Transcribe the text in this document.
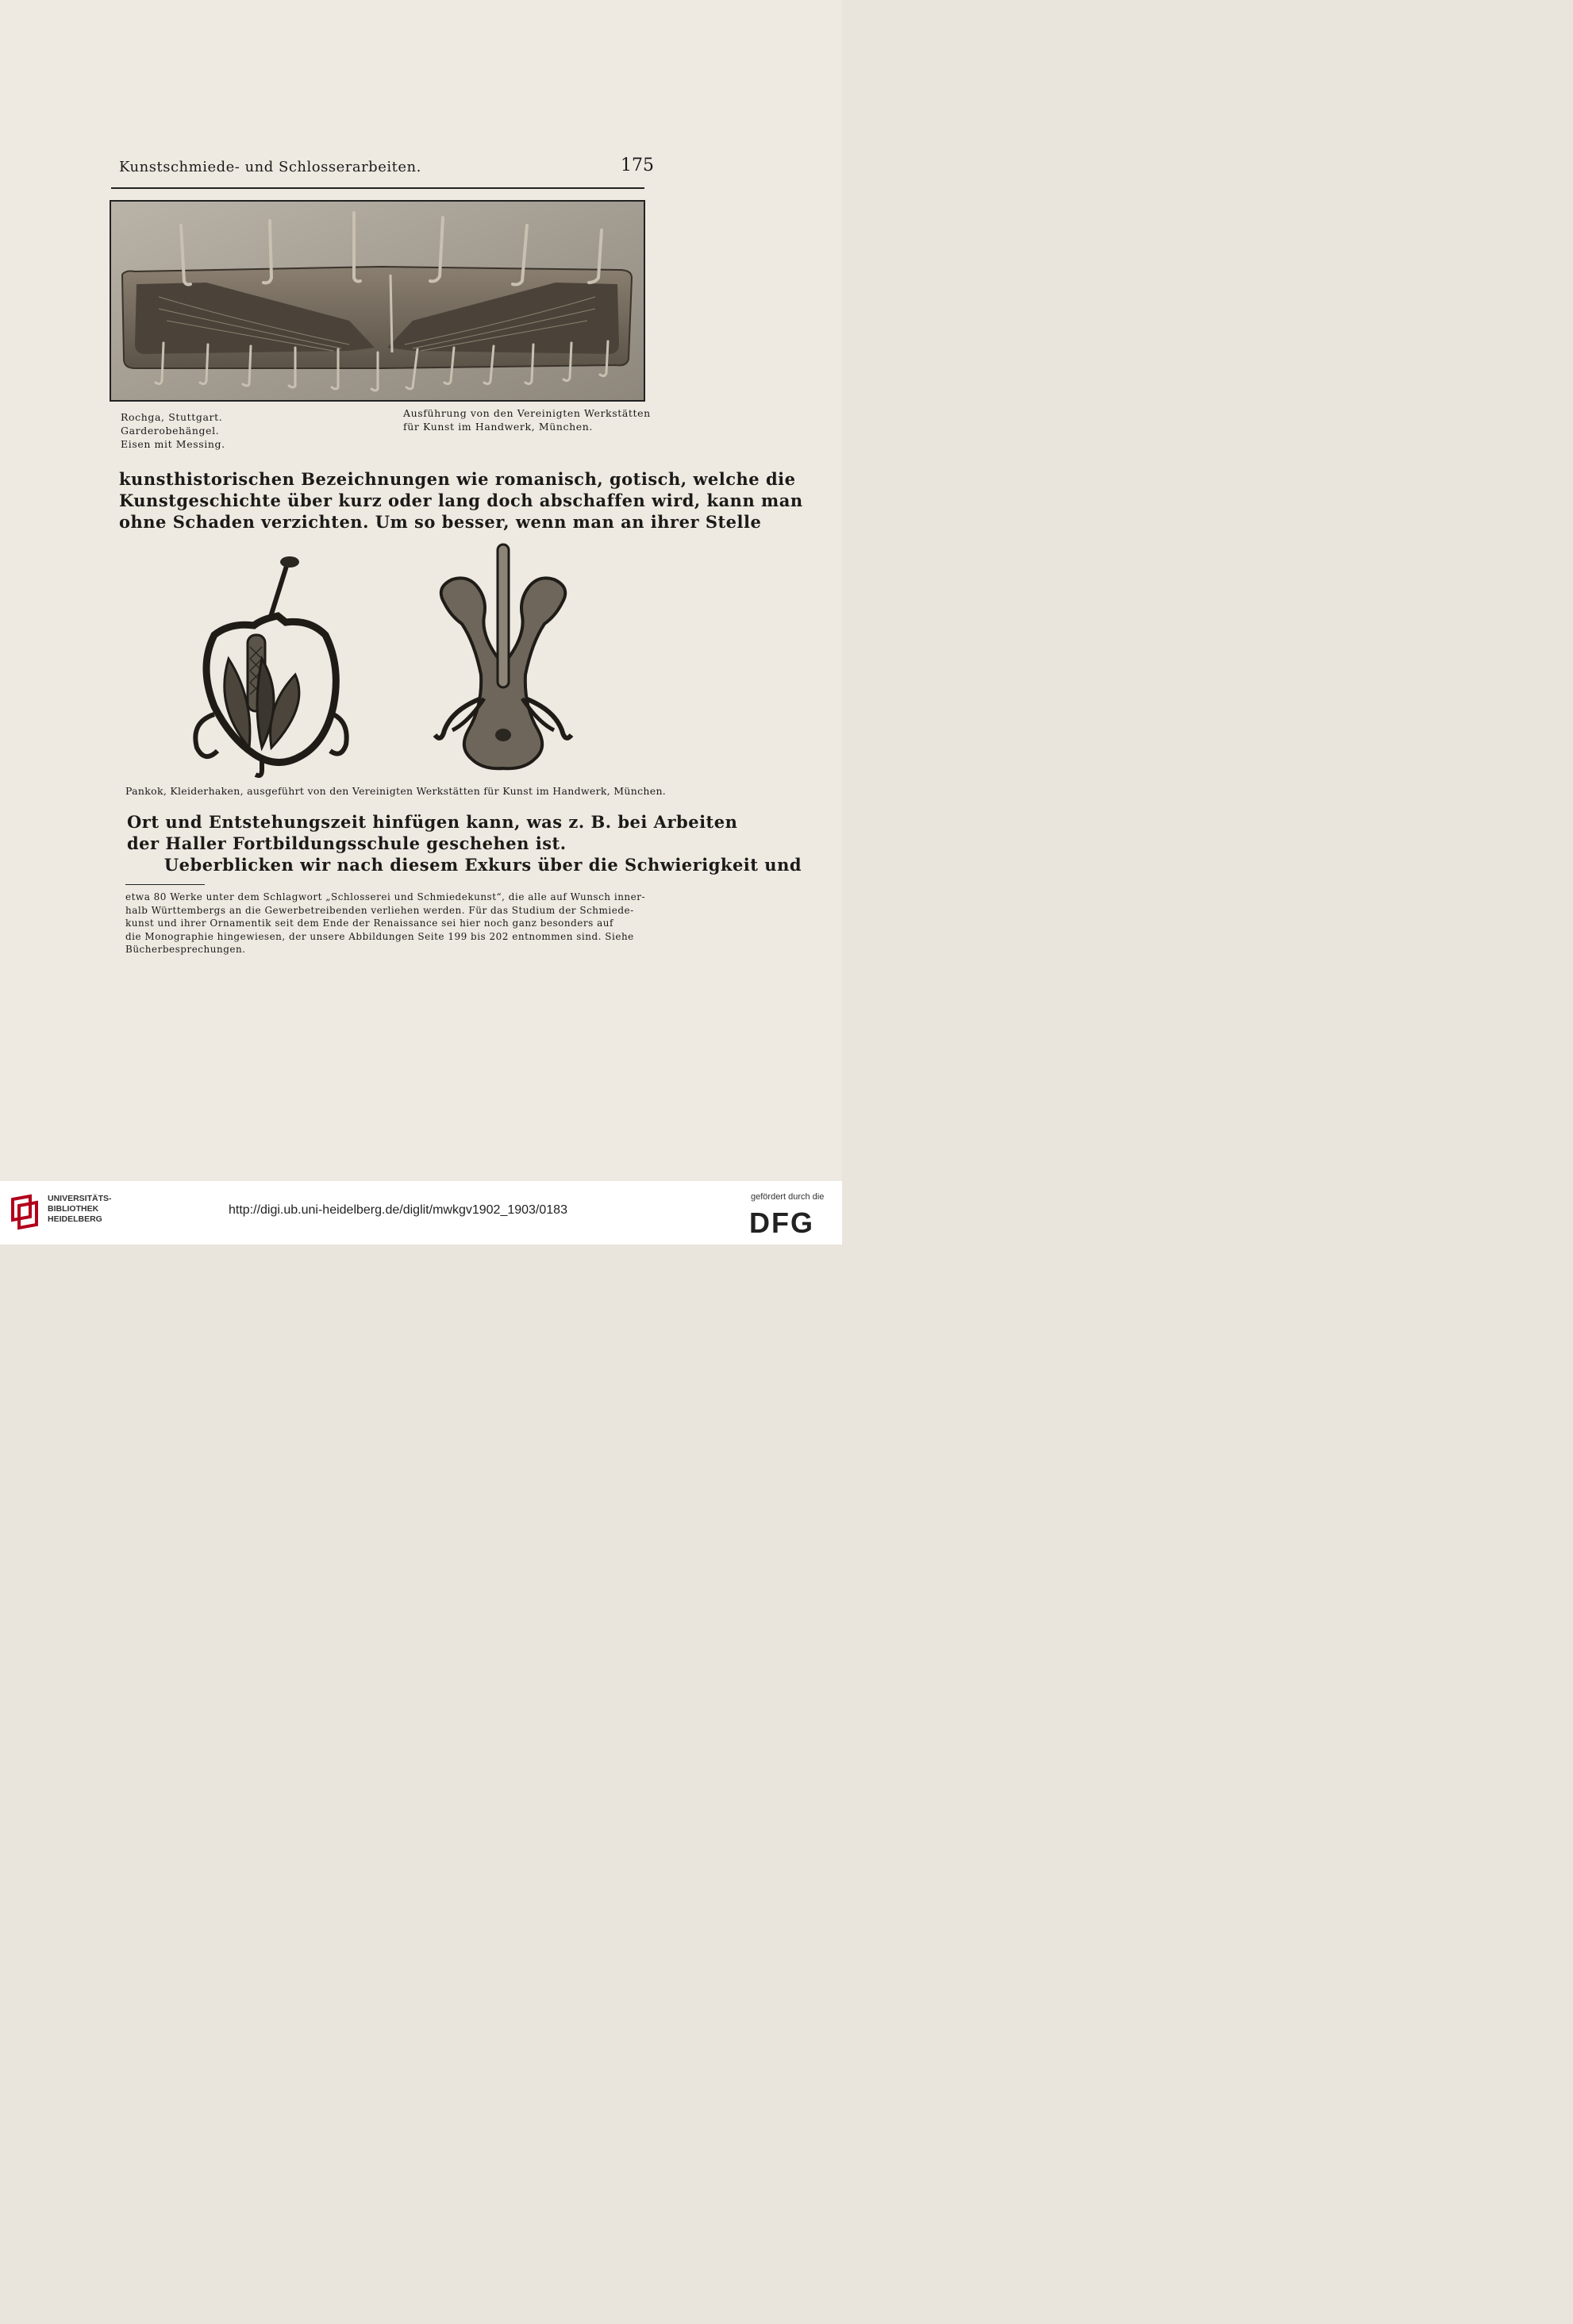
Kunstschmiede- und Schlosserarbeiten.	175
Rochga, Stuttgart.
Garderobehängel.
Eisen mit Messing.
Ausführung von den Vereinigten Werkstätten
für Kunst im Handwerk, München.
kunsthistorischen Bezeichnungen wie romanisch, gotisch, welche die
Kunstgeschichte über kurz oder lang doch abschaffen wird, kann man
ohne Schaden verzichten. Um so besser, wenn man an ihrer Stelle
Pankok, Kleiderhaken, ausgeführt von den Vereinigten Werkstätten für Kunst im Handwerk, München.
Ort und Entstehungszeit hinfügen kann, was z. B. bei Arbeiten
der Haller Fortbildungsschule geschehen ist.
Ueberblicken wir nach diesem Exkurs über die Schwierigkeit und
etwa 80 Werke unter dem Schlagwort „Schlosserei und Schmiedekunst“, die alle auf Wunsch inner-
halb Württembergs an die Gewerbetreibenden verliehen werden. Für das Studium der Schmiede-
kunst und ihrer Ornamentik seit dem Ende der Renaissance sei hier noch ganz besonders auf
die Monographie hingewiesen, der unsere Abbildungen Seite 199 bis 202 entnommen sind. Siehe
Bücherbesprechungen.
UNIVERSITÄTS-
BIBLIOTHEK
HEIDELBERG
http://digi.ub.uni-heidelberg.de/diglit/mwkgv1902_1903/0183
gefördert durch die
DFG
